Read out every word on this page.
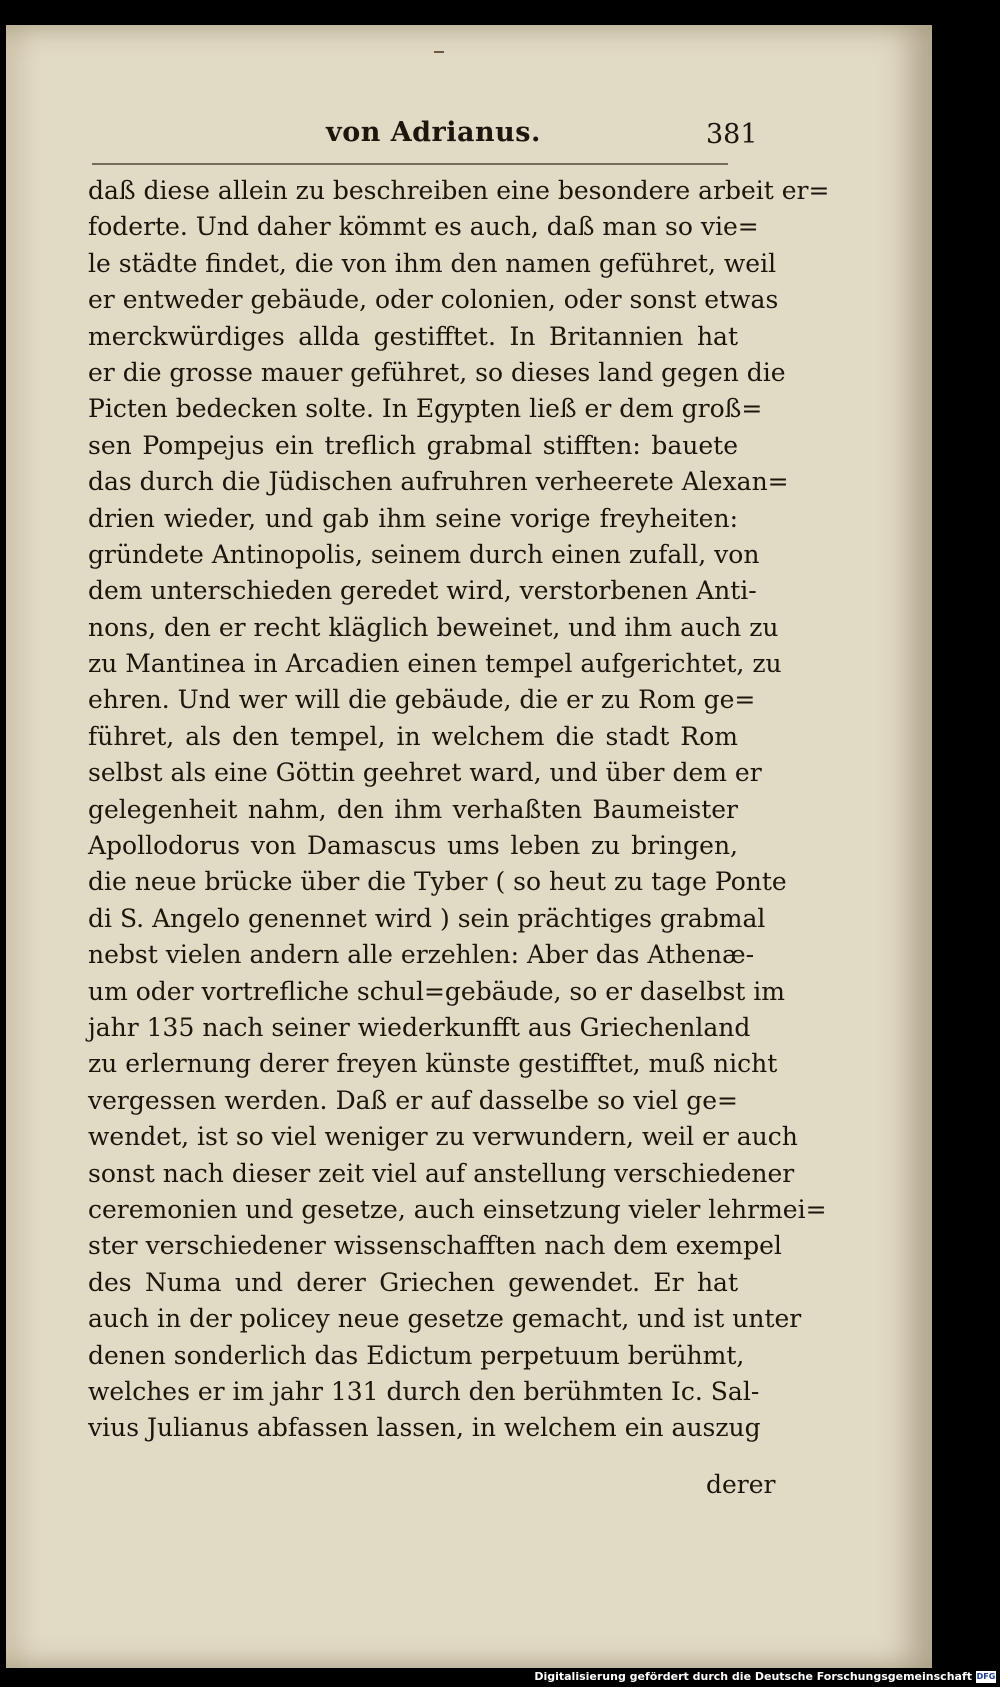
von Adrianus.	381
daß diese allein zu beschreiben eine besondere arbeit er=
foderte. Und daher kömmt es auch, daß man so vie=
le städte findet, die von ihm den namen geführet, weil
er entweder gebäude, oder colonien, oder sonst etwas
merckwürdiges allda gestifftet. In Britannien hat
er die grosse mauer geführet, so dieses land gegen die
Picten bedecken solte. In Egypten ließ er dem groß=
sen Pompejus ein treflich grabmal stifften: bauete
das durch die Jüdischen aufruhren verheerete Alexan=
drien wieder, und gab ihm seine vorige freyheiten:
gründete Antinopolis, seinem durch einen zufall, von
dem unterschieden geredet wird, verstorbenen Anti-
nons, den er recht kläglich beweinet, und ihm auch zu
zu Mantinea in Arcadien einen tempel aufgerichtet, zu
ehren. Und wer will die gebäude, die er zu Rom ge=
führet, als den tempel, in welchem die stadt Rom
selbst als eine Göttin geehret ward, und über dem er
gelegenheit nahm, den ihm verhaßten Baumeister
Apollodorus von Damascus ums leben zu bringen,
die neue brücke über die Tyber ( so heut zu tage Ponte
di S. Angelo genennet wird ) sein prächtiges grabmal
nebst vielen andern alle erzehlen: Aber das Athenæ-
um oder vortrefliche schul=gebäude, so er daselbst im
jahr 135 nach seiner wiederkunfft aus Griechenland
zu erlernung derer freyen künste gestifftet, muß nicht
vergessen werden. Daß er auf dasselbe so viel ge=
wendet, ist so viel weniger zu verwundern, weil er auch
sonst nach dieser zeit viel auf anstellung verschiedener
ceremonien und gesetze, auch einsetzung vieler lehrmei=
ster verschiedener wissenschafften nach dem exempel
des Numa und derer Griechen gewendet. Er hat
auch in der policey neue gesetze gemacht, und ist unter
denen sonderlich das Edictum perpetuum berühmt,
welches er im jahr 131 durch den berühmten Ic. Sal-
vius Julianus abfassen lassen, in welchem ein auszug
derer
Digitalisierung gefördert durch die Deutsche Forschungsgemeinschaft DFG
